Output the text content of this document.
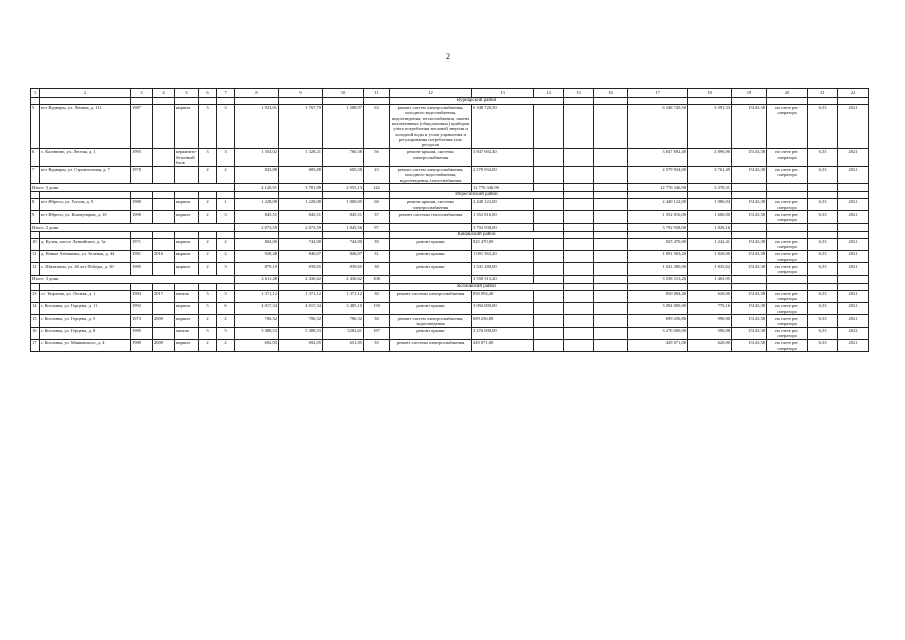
2
1	2	3	4	5	6	7	8	9	10	11	12	13	14	15	16	17	18	19	20	21	22
											Вурнарский район										
5	пгт Вурнары, ул. Ленина, д. 111	1987		кирпич	3	3	1 923,01	1 767,79	1 588,97	63	ремонт систем электроснабжения, холодного водоснабжения, водоотведения, теплоснабжения, замена коллективных (общедомовых) приборов учета потребления тепловой энергии и холодной воды и узлов управления и регулирования потребления этих ресурсов	6 348 720,50				6 348 720,50	3 591,33	15143,38	на счете рег. оператора	6,53	2021
6	с. Калинино, ул. Лесная, д. 1	1995		керамзито-бетонный блок	3	3	1 354,02	1 328,21	760,38	56	ремонт крыши, системы электроснабжения	3 847 692,40				3 847 692,40	2 896,90	15143,38	на счете рег. оператора	6,53	2021
7	пгт Вурнары, ул. Строительная, д. 7	1970			2	2	843,88	685,88	605,58	23	ремонт систем электроснабжения, холодного водоснабжения, водоотведения, теплоснабжения	2 579 934,00				2 579 934,00	3 761,49	15143,38	на счете рег. оператора	6,53	2021
Итого: 3 дома							4 120,91	3 781,88	2 955,13	142		12 776 346,90				12 776 346,90	3 378,31				
											Ибресинский район										
8	пгт Ибреси, ул. Гоголя, д. 9	1980		кирпич	2	1	1 228,08	1 228,08	1 000,05	60	ремонт крыши, системы электроснабжения	2 440 122,00				2 440 122,00	1 986,94	15143,38	на счете рег. оператора	6,53	2021
9	пгт Ибреси, ул. Коммунаров, д. 10	1990		кирпич	2	3	845,51	845,51	845,51	37	ремонт системы теплоснабжения	1 352 816,00				1 352 816,00	1 600,00	15143,38	на счете рег. оператора	6,53	2021
Итого: 2 дома							2 073,59	2 073,59	1 845,56	97		3 792 938,00				3 792 938,00	1 829,16				
											Канашский район										
10	д. Кучеи, шоссе Латвийское, д. 3а	1971		кирпич	2	2	804,00	744,90	744,90	39	ремонт крыши	925 470,00				925 470,00	1 242,41	15143,38	на счете рег. оператора	6,53	2021
11	д. Новые Атнашевы, ул. Зеленая, д. 44	1981	2016	кирпич	2	2	928,48	846,07	846,07	31	ремонт крыши	1 091 563,20				1 091 563,20	1 820,00	15143,38	на счете рег. оператора	6,53	2021
12	с. Шихазаны, ул. 40 лет Победы, д. 30	1985		кирпич	2	3	879,10	839,65	839,65	38	ремонт крыши	1 541 280,00				1 541 280,00	1 835,62	15143,38	на счете рег. оператора	6,53	2021
Итого: 3 дома							2 611,48	2 430,62	2 430,62	108		3 558 313,20				3 558 313,20	1 463,95				
											Козловский район										
13	ст. Тюрлема, ул. Лесная, д. 1	1984	2017	панель	3	3	1 371,12	1 371,12	1 371,12	30	ремонт системы электроснабжения	850 094,40				850 094,40	620,00	15143,38	на счете рег. оператора	6,53	2021
14	г. Козловка, ул. Герцена, д. 11	1992		кирпич	5	6	4 017,34	4 017,34	3 485,10	150	ремонт крыши	3 094 000,00				3 094 000,00	770,16	15143,38	на счете рег. оператора	6,53	2021
15	г. Козловка, ул. Герцена, д. 5	1973	2009	кирпич	2	2	706,32	706,32	706,32	30	ремонт систем электроснабжения, водоотведения	699 256,80				699 256,80	990,00	15143,38	на счете рег. оператора	6,53	2021
16	г. Козловка, ул. Герцена, д. 8	1985		панель	5	5	5 488,53	5 488,53	5282,61	187	ремонт крыши	3 276 000,00				3 276 000,00	596,88	15143,38	на счете рег. оператора	6,53	2022
17	г. Козловка, ул. Маяковского, д. 4	1989	2009	кирпич	2	2	692,05	692,05	651,85	35	ремонт системы электроснабжения	429 071,00				429 071,00	620,00	15143,38	на счете рег. оператора	6,53	2021
